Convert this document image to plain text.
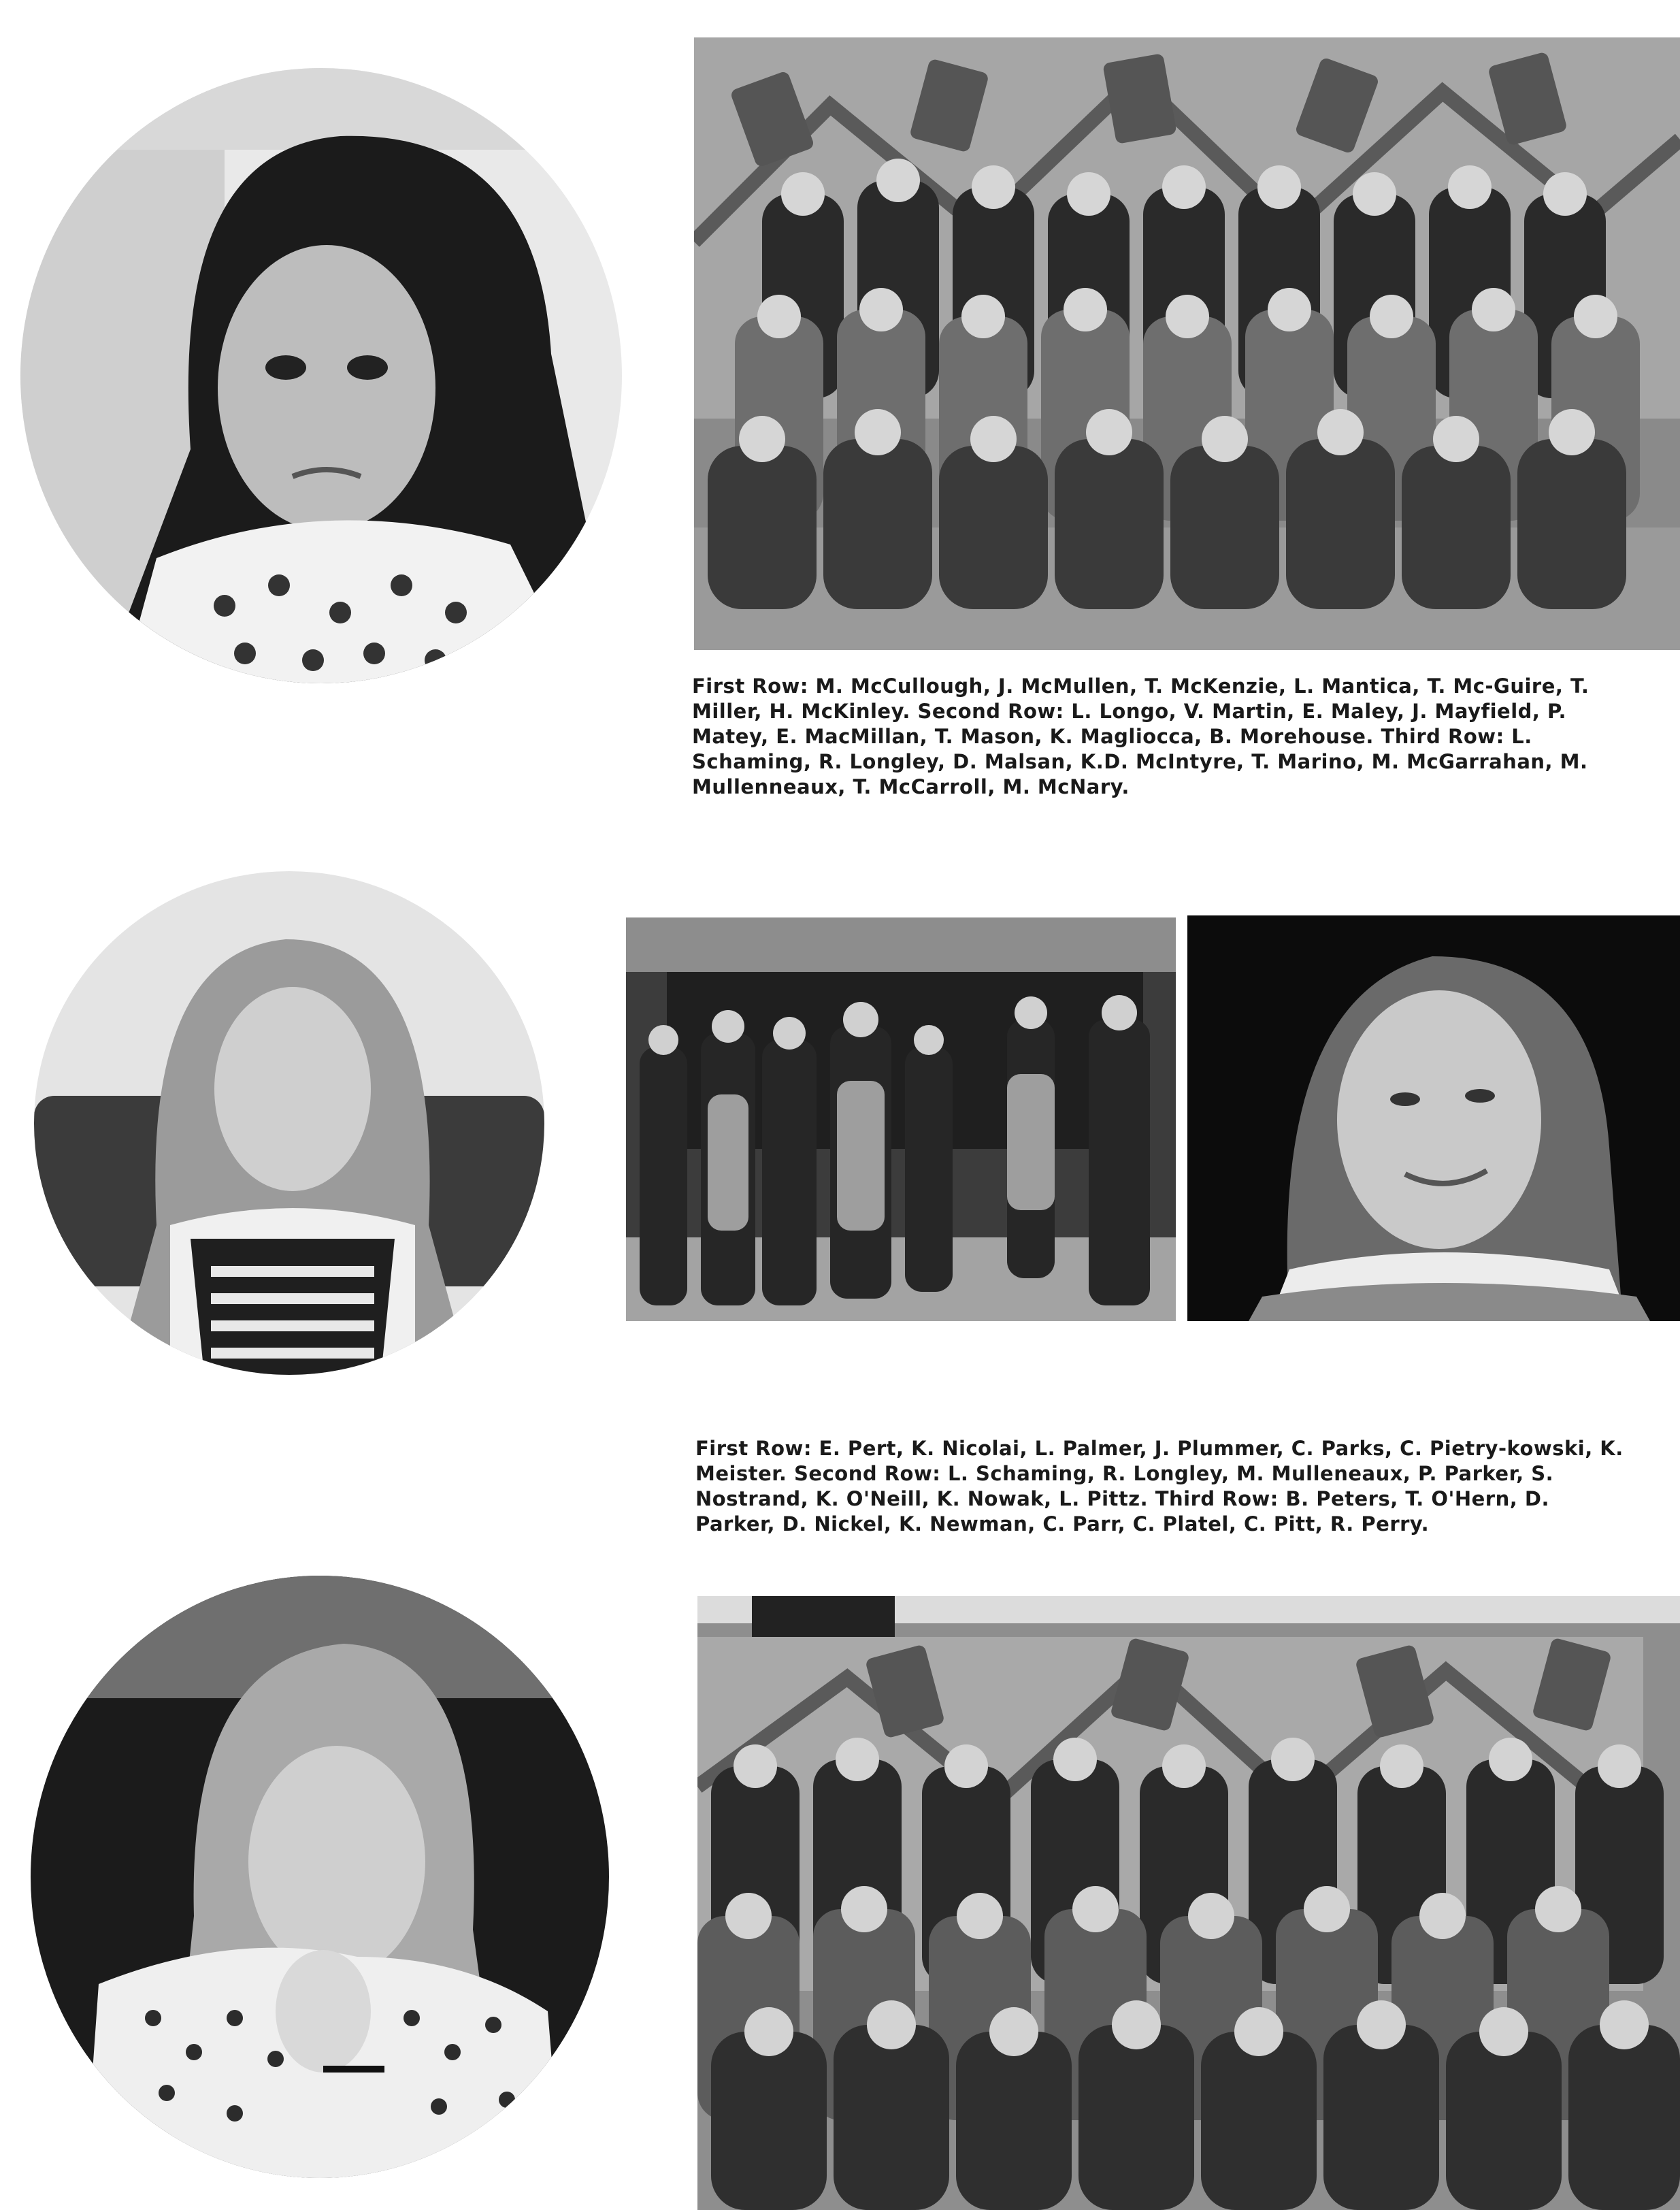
First Row: M. McCullough, J. McMullen, T. McKenzie, L. Mantica, T. Mc-Guire, T. Miller, H. McKinley. Second Row: L. Longo, V. Martin, E. Maley, J. Mayfield, P. Matey, E. MacMillan, T. Mason, K. Magliocca, B. Morehouse. Third Row: L. Schaming, R. Longley, D. Malsan, K.D. McIntyre, T. Marino, M. McGarrahan, M. Mullenneaux, T. McCarroll, M. McNary.

First Row: E. Pert, K. Nicolai, L. Palmer, J. Plummer, C. Parks, C. Pietry-kowski, K. Meister. Second Row: L. Schaming, R. Longley, M. Mulleneaux, P. Parker, S. Nostrand, K. O'Neill, K. Nowak, L. Pittz. Third Row: B. Peters, T. O'Hern, D. Parker, D. Nickel, K. Newman, C. Parr, C. Platel, C. Pitt, R. Perry.
